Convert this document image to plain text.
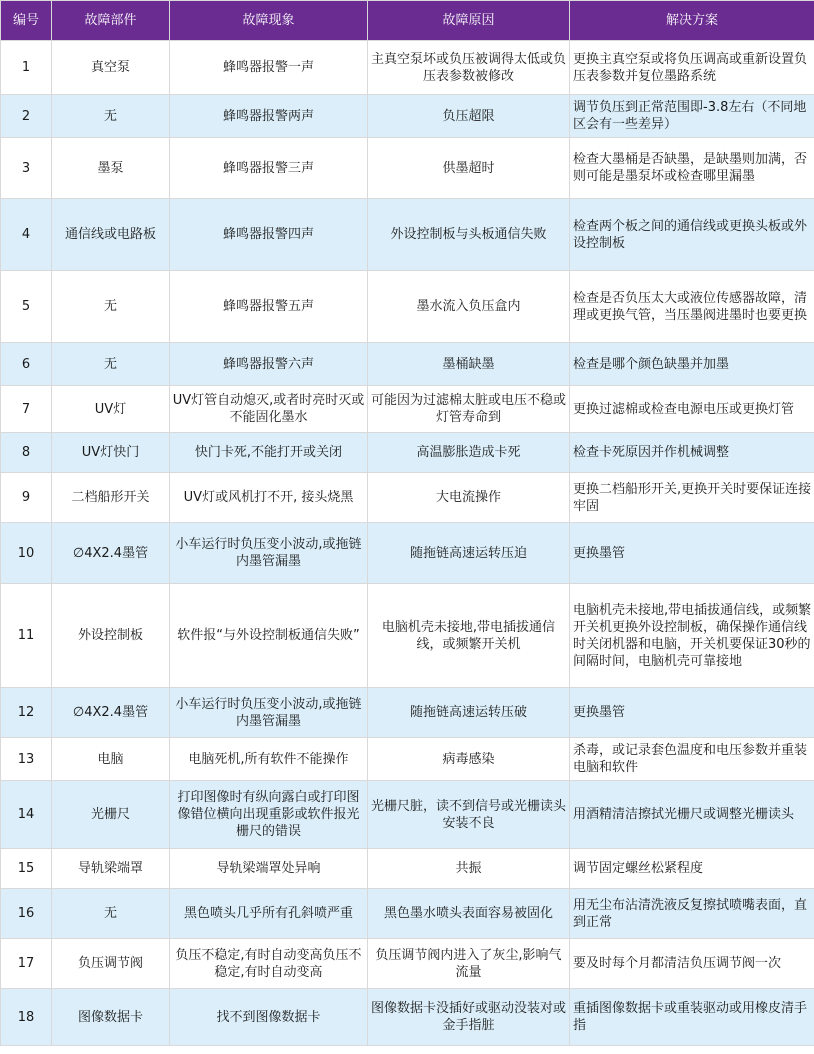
编号	故障部件	故障现象	故障原因	解决方案
1	真空泵	蜂鸣器报警一声	主真空泵坏或负压被调得太低或负压表参数被修改	更换主真空泵或将负压调高或重新设置负压表参数并复位墨路系统
2	无	蜂鸣器报警两声	负压超限	调节负压到正常范围即-3.8左右（不同地区会有一些差异）
3	墨泵	蜂鸣器报警三声	供墨超时	检查大墨桶是否缺墨，是缺墨则加满，否则可能是墨泵坏或检查哪里漏墨
4	通信线或电路板	蜂鸣器报警四声	外设控制板与头板通信失败	检查两个板之间的通信线或更换头板或外设控制板
5	无	蜂鸣器报警五声	墨水流入负压盒内	检查是否负压太大或液位传感器故障，清理或更换气管，当压墨阀进墨时也要更换
6	无	蜂鸣器报警六声	墨桶缺墨	检查是哪个颜色缺墨并加墨
7	UV灯	UV灯管自动熄灭,或者时亮时灭或不能固化墨水	可能因为过滤棉太脏或电压不稳或灯管寿命到	更换过滤棉或检查电源电压或更换灯管
8	UV灯快门	快门卡死,不能打开或关闭	高温膨胀造成卡死	检查卡死原因并作机械调整
9	二档船形开关	UV灯或风机打不开, 接头烧黑	大电流操作	更换二档船形开关,更换开关时要保证连接牢固
10	∅4X2.4墨管	小车运行时负压变小波动,或拖链内墨管漏墨	随拖链高速运转压迫	更换墨管
11	外设控制板	软件报“与外设控制板通信失败”	电脑机壳未接地,带电插拔通信线，或频繁开关机	电脑机壳未接地,带电插拔通信线，或频繁开关机更换外设控制板，确保操作通信线时关闭机器和电脑，开关机要保证30秒的间隔时间，电脑机壳可靠接地
12	∅4X2.4墨管	小车运行时负压变小波动,或拖链内墨管漏墨	随拖链高速运转压破	更换墨管
13	电脑	电脑死机,所有软件不能操作	病毒感染	杀毒，或记录套色温度和电压参数并重装电脑和软件
14	光栅尺	打印图像时有纵向露白或打印图像错位横向出现重影或软件报光栅尺的错误	光栅尺脏，读不到信号或光栅读头安装不良	用酒精清洁擦拭光栅尺或调整光栅读头
15	导轨梁端罩	导轨梁端罩处异响	共振	调节固定螺丝松紧程度
16	无	黑色喷头几乎所有孔斜喷严重	黑色墨水喷头表面容易被固化	用无尘布沾清洗液反复擦拭喷嘴表面，直到正常
17	负压调节阀	负压不稳定,有时自动变高负压不稳定,有时自动变高	负压调节阀内进入了灰尘,影响气流量	要及时每个月都清洁负压调节阀一次
18	图像数据卡	找不到图像数据卡	图像数据卡没插好或驱动没装对或金手指脏	重插图像数据卡或重装驱动或用橡皮清手指
